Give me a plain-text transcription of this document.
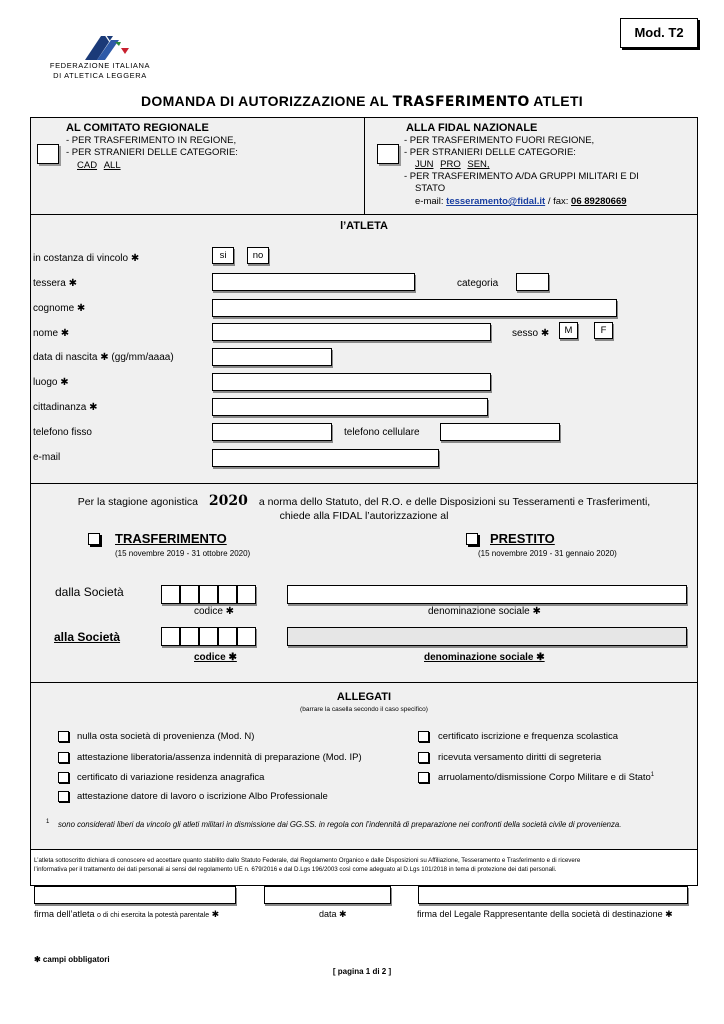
FEDERAZIONE ITALIANA
DI ATLETICA LEGGERA
Mod. T2
DOMANDA DI AUTORIZZAZIONE AL TRASFERIMENTO ATLETI
AL COMITATO REGIONALE
- PER TRASFERIMENTO IN REGIONE,
- PER STRANIERI DELLE CATEGORIE:
CAD ALL
ALLA FIDAL NAZIONALE
- PER TRASFERIMENTO FUORI REGIONE,
- PER STRANIERI DELLE CATEGORIE:
JUN PRO SEN,
- PER TRASFERIMENTO A/DA GRUPPI MILITARI E DI
STATO
e-mail: tesseramento@fidal.it / fax: 06 89280669
l’ATLETA
in costanza di vincolo ✱	si	no
tessera ✱	categoria
cognome ✱
nome ✱	sesso ✱	M	F
data di nascita ✱ (gg/mm/aaaa)
luogo ✱
cittadinanza ✱
telefono fisso	telefono cellulare
e-mail
Per la stagione agonistica 2020 a norma dello Statuto, del R.O. e delle Disposizioni su Tesseramenti e Trasferimenti,
chiede alla FIDAL l’autorizzazione al
TRASFERIMENTO
(15 novembre 2019 - 31 ottobre 2020)
PRESTITO
(15 novembre 2019 - 31 gennaio 2020)
dalla Società
codice ✱	denominazione sociale ✱
alla Società
codice ✱	denominazione sociale ✱
ALLEGATI
(barrare la casella secondo il caso specifico)
nulla osta società di provenienza (Mod. N)
attestazione liberatoria/assenza indennità di preparazione (Mod. IP)
certificato di variazione residenza anagrafica
attestazione datore di lavoro o iscrizione Albo Professionale
certificato iscrizione e frequenza scolastica
ricevuta versamento diritti di segreteria
arruolamento/dismissione Corpo Militare e di Stato$^1$
1 sono considerati liberi da vincolo gli atleti militari in dismissione dai GG.SS. in regola con l’indennità di preparazione nei confronti della società civile di provenienza.
L’atleta sottoscritto dichiara di conoscere ed accettare quanto stabilito dallo Statuto Federale, dal Regolamento Organico e dalle Disposizioni su Affiliazione, Tesseramento e Trasferimento e di ricevere
l’informativa per il trattamento dei dati personali ai sensi del regolamento UE n. 679/2016 e dal D.Lgs 196/2003 così come adeguato al D.Lgs 101/2018 in tema di protezione dei dati personali.
firma dell’atleta o di chi esercita la potestà parentale ✱	data ✱	firma del Legale Rappresentante della società di destinazione ✱
✱ campi obbligatori
[ pagina 1 di 2 ]
